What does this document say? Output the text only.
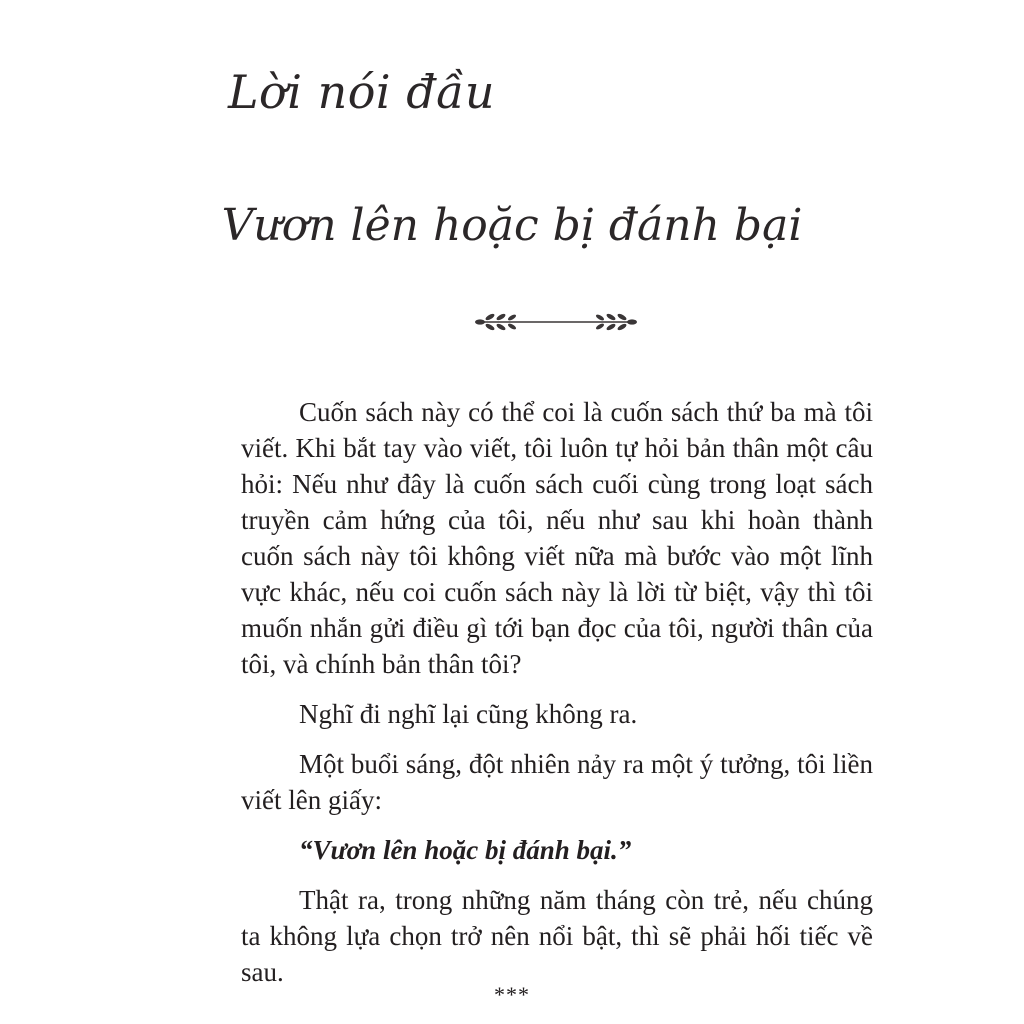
Lời nói đầu
Vươn lên hoặc bị đánh bại

Cuốn sách này có thể coi là cuốn sách thứ ba mà tôi viết. Khi bắt tay vào viết, tôi luôn tự hỏi bản thân một câu hỏi: Nếu như đây là cuốn sách cuối cùng trong loạt sách truyền cảm hứng của tôi, nếu như sau khi hoàn thành cuốn sách này tôi không viết nữa mà bước vào một lĩnh vực khác, nếu coi cuốn sách này là lời từ biệt, vậy thì tôi muốn nhắn gửi điều gì tới bạn đọc của tôi, người thân của tôi, và chính bản thân tôi?

Nghĩ đi nghĩ lại cũng không ra.

Một buổi sáng, đột nhiên nảy ra một ý tưởng, tôi liền viết lên giấy:

“Vươn lên hoặc bị đánh bại.”

Thật ra, trong những năm tháng còn trẻ, nếu chúng ta không lựa chọn trở nên nổi bật, thì sẽ phải hối tiếc về sau.

***
